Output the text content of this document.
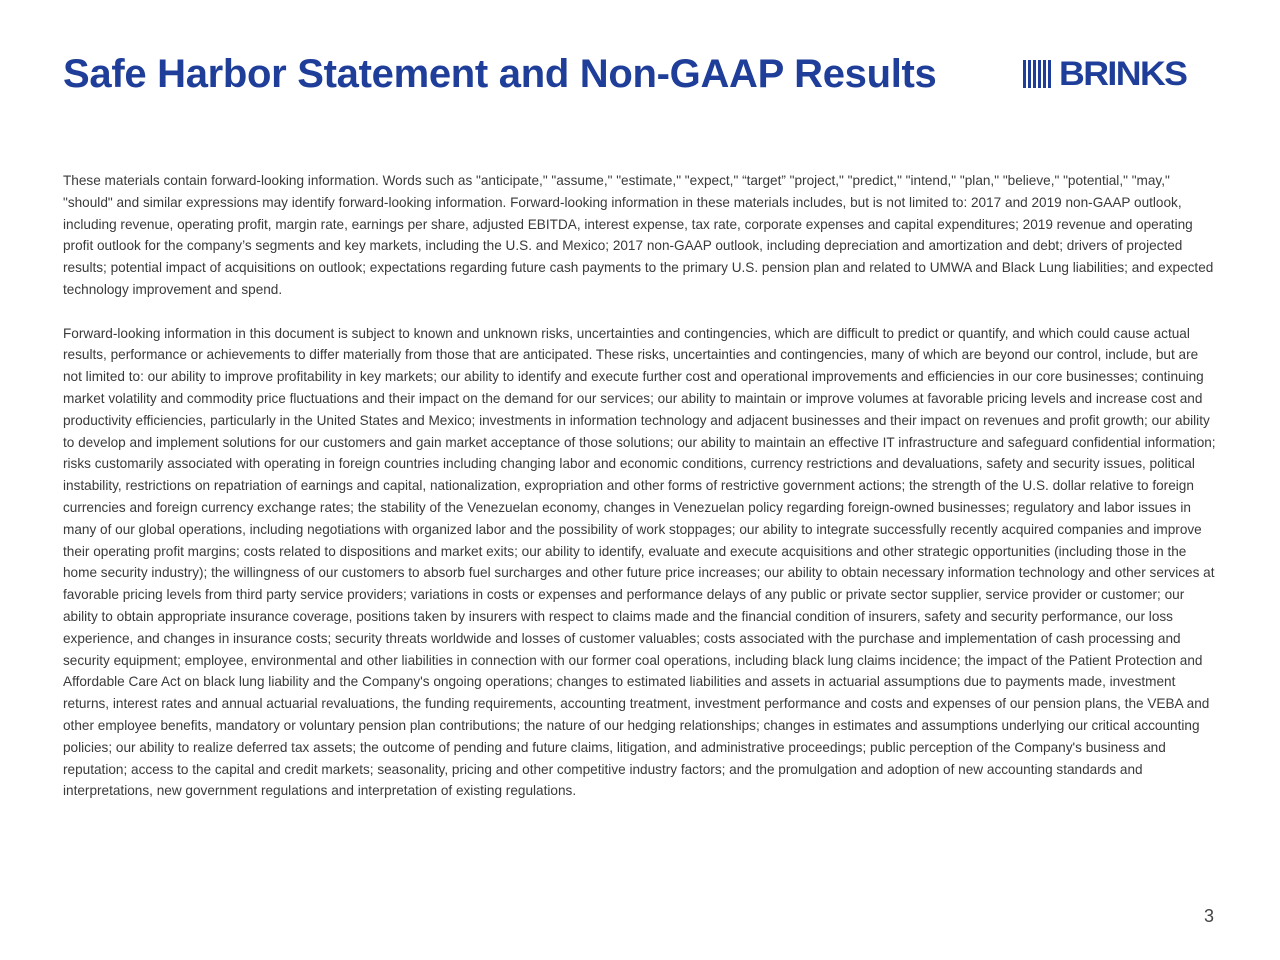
Safe Harbor Statement and Non-GAAP Results	BRINKS

These materials contain forward-looking information. Words such as "anticipate," "assume," "estimate," "expect," “target” "project," "predict," "intend," "plan," "believe," "potential," "may," "should" and similar expressions may identify forward-looking information. Forward-looking information in these materials includes, but is not limited to: 2017 and 2019 non-GAAP outlook, including revenue, operating profit, margin rate, earnings per share, adjusted EBITDA, interest expense, tax rate, corporate expenses and capital expenditures; 2019 revenue and operating profit outlook for the company’s segments and key markets, including the U.S. and Mexico; 2017 non-GAAP outlook, including depreciation and amortization and debt; drivers of projected results; potential impact of acquisitions on outlook; expectations regarding future cash payments to the primary U.S. pension plan and related to UMWA and Black Lung liabilities; and expected technology improvement and spend.

Forward-looking information in this document is subject to known and unknown risks, uncertainties and contingencies, which are difficult to predict or quantify, and which could cause actual results, performance or achievements to differ materially from those that are anticipated. These risks, uncertainties and contingencies, many of which are beyond our control, include, but are not limited to: our ability to improve profitability in key markets; our ability to identify and execute further cost and operational improvements and efficiencies in our core businesses; continuing market volatility and commodity price fluctuations and their impact on the demand for our services; our ability to maintain or improve volumes at favorable pricing levels and increase cost and productivity efficiencies, particularly in the United States and Mexico; investments in information technology and adjacent businesses and their impact on revenues and profit growth; our ability to develop and implement solutions for our customers and gain market acceptance of those solutions; our ability to maintain an effective IT infrastructure and safeguard confidential information; risks customarily associated with operating in foreign countries including changing labor and economic conditions, currency restrictions and devaluations, safety and security issues, political instability, restrictions on repatriation of earnings and capital, nationalization, expropriation and other forms of restrictive government actions; the strength of the U.S. dollar relative to foreign currencies and foreign currency exchange rates; the stability of the Venezuelan economy, changes in Venezuelan policy regarding foreign-owned businesses; regulatory and labor issues in many of our global operations, including negotiations with organized labor and the possibility of work stoppages; our ability to integrate successfully recently acquired companies and improve their operating profit margins; costs related to dispositions and market exits; our ability to identify, evaluate and execute acquisitions and other strategic opportunities (including those in the home security industry); the willingness of our customers to absorb fuel surcharges and other future price increases; our ability to obtain necessary information technology and other services at favorable pricing levels from third party service providers; variations in costs or expenses and performance delays of any public or private sector supplier, service provider or customer; our ability to obtain appropriate insurance coverage, positions taken by insurers with respect to claims made and the financial condition of insurers, safety and security performance, our loss experience, and changes in insurance costs; security threats worldwide and losses of customer valuables; costs associated with the purchase and implementation of cash processing and security equipment; employee, environmental and other liabilities in connection with our former coal operations, including black lung claims incidence; the impact of the Patient Protection and Affordable Care Act on black lung liability and the Company's ongoing operations; changes to estimated liabilities and assets in actuarial assumptions due to payments made, investment returns, interest rates and annual actuarial revaluations, the funding requirements, accounting treatment, investment performance and costs and expenses of our pension plans, the VEBA and other employee benefits, mandatory or voluntary pension plan contributions; the nature of our hedging relationships; changes in estimates and assumptions underlying our critical accounting policies; our ability to realize deferred tax assets; the outcome of pending and future claims, litigation, and administrative proceedings; public perception of the Company's business and reputation; access to the capital and credit markets; seasonality, pricing and other competitive industry factors; and the promulgation and adoption of new accounting standards and interpretations, new government regulations and interpretation of existing regulations.

3
